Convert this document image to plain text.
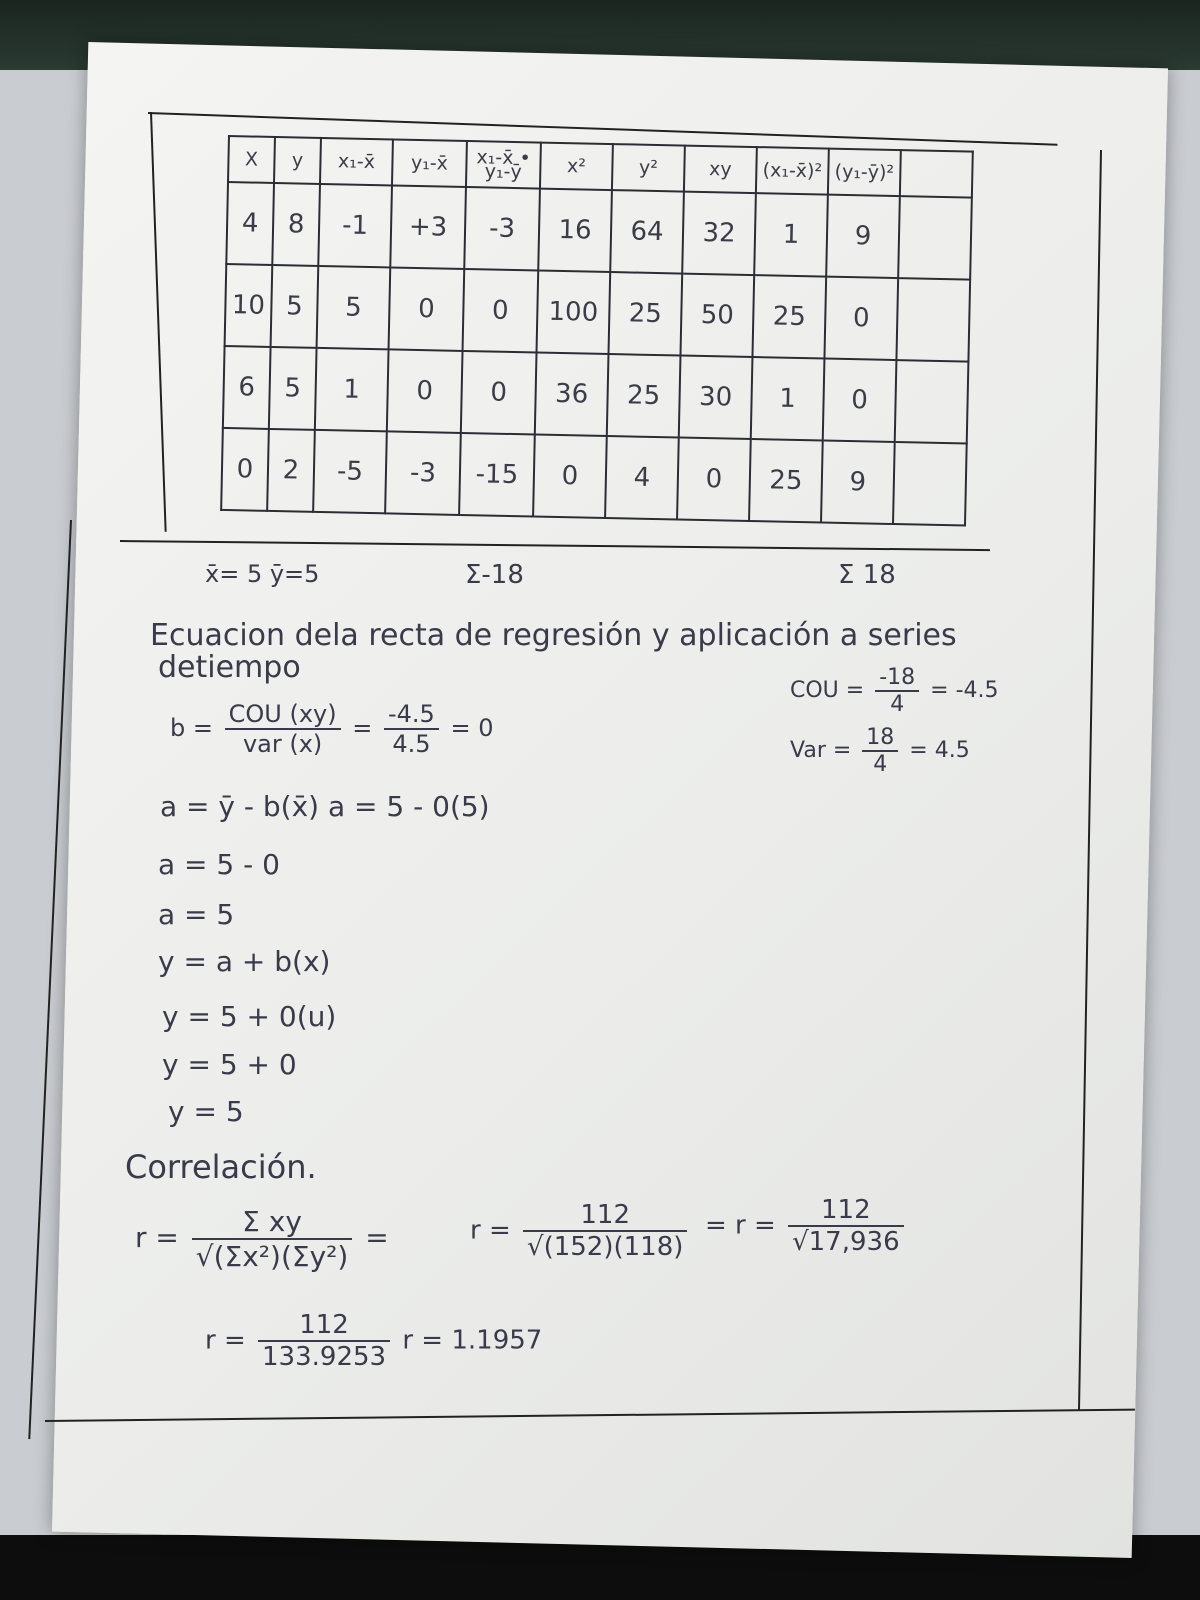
X	y	x₁-x̄	y₁-x̄	x₁-x̄ • y₁-ȳ	x²	y²	xy	(x₁-x̄)²	(y₁-ȳ)²	
4	8	-1	+3	-3	16	64	32	1	9	
10	5	5	0	0	100	25	50	25	0	
6	5	1	0	0	36	25	30	1	0	
0	2	-5	-3	-15	0	4	0	25	9	
x̄= 5 ȳ=5	Σ-18	Σ 18
Ecuacion dela recta de regresión y aplicación a series
detiempo
COU = $\frac{-18}{4} = -4.5$
Var = $\frac{18}{4} = 4.5$
$b = \frac{\text{COU (xy)}}{\text{var (x)}} = \frac{-4.5}{4.5} = 0$
a = ȳ - b(x̄) a = 5 - 0(5)
a = 5 - 0
a = 5
y = a + b(x)
y = 5 + 0(u)
y = 5 + 0
y = 5
Correlación.
$r = \frac{\text{Σ xy}}{\text{√(Σx²)(Σy²)}}$ =	$r = \frac{112}{√(152)(118)} = r = \frac{112}{√17,936}$
$r = \frac{112}{133.9253}$ r = 1.1957
